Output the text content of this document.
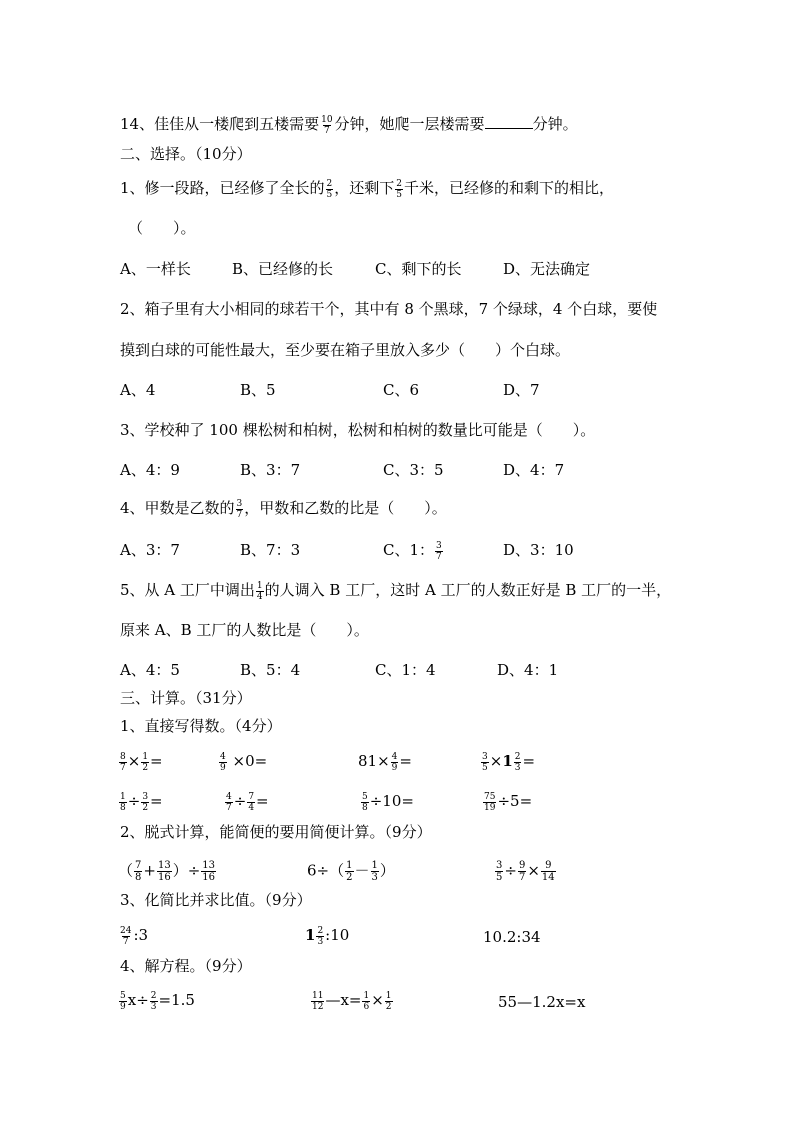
14、佳佳从一楼爬到五楼需要 $\frac{10}{7}$ 分钟，她爬一层楼需要	分钟。
二、选择。（10分）
1、修一段路，已经修了全长的 $\frac{2}{5}$ ，还剩下 $\frac{2}{5}$ 千米，已经修的和剩下的相比，
（　　）。
A、一样长	B、已经修的长	C、剩下的长	D、无法确定
2、箱子里有大小相同的球若干个，其中有 8 个黑球，7 个绿球，4 个白球，要使
摸到白球的可能性最大，至少要在箱子里放入多少（　　）个白球。
A、4	B、5	C、6	D、7
3、学校种了 100 棵松树和柏树，松树和柏树的数量比可能是（　　）。
A、4：9	B、3：7	C、3：5	D、4：7
4、甲数是乙数的 $\frac{3}{7}$ ，甲数和乙数的比是（　　）。
A、3：7	B、7：3	C、1： $\frac{3}{7}$	D、3：10
5、从 A 工厂中调出 $\frac{1}{4}$ 的人调入 B 工厂，这时 A 工厂的人数正好是 B 工厂的一半，
原来 A、B 工厂的人数比是（　　）。
A、4：5	B、5：4	C、1：4	D、4：1
三、计算。（31分）
1、直接写得数。（4分）
$\frac{8}{7} \times \frac{1}{2}$ =	$\frac{4}{9} \times 0=$	$81\times \frac{4}{9}$ =	$\frac{3}{5} \times 1 \frac{2}{3}$ =
$\frac{1}{8} \div \frac{3}{2}$ =	$\frac{4}{7} \div \frac{7}{4}$ =	$\frac{5}{8} \div 10=$	$\frac{75}{19} \div 5=$
2、脱式计算，能简便的要用简便计算。（9分）
（ $\frac{7}{8} + \frac{13}{16}$ ）÷ $\frac{13}{16}$	$6\div( \frac{1}{2} - \frac{1}{3}$ ）	$\frac{3}{5} \div \frac{9}{7} \times \frac{9}{14}$
3、化简比并求比值。（9分）
$\frac{24}{7}$ :3	$1 \frac{2}{3}$ :10	10.2:34
4、解方程。（9分）
$\frac{5}{9} x\div \frac{2}{3} =1.5$	$\frac{11}{12}$ —x= $\frac{1}{6} \times \frac{1}{2}$	55—1.2x=x
